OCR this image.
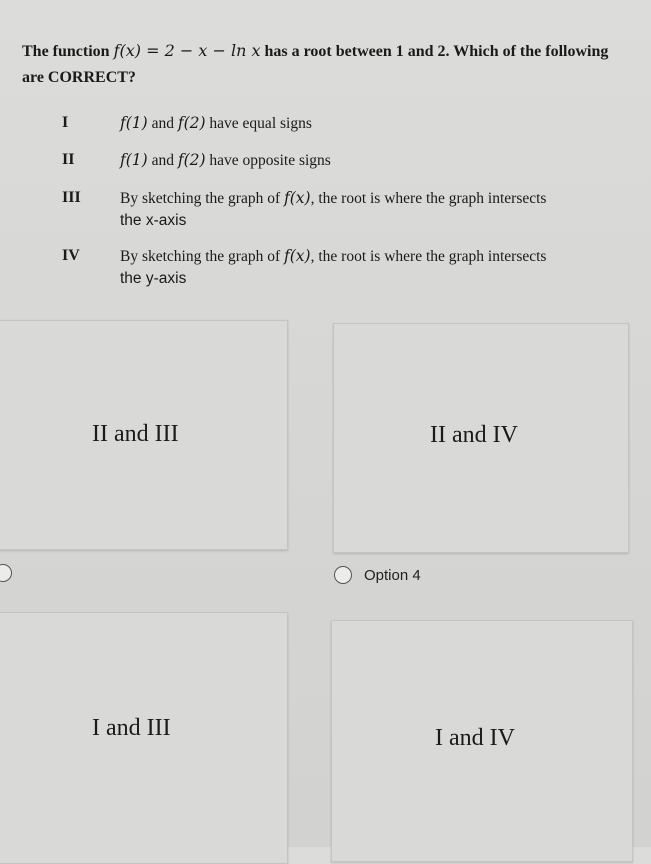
The function f(x) = 2 − x − ln x has a root between 1 and 2. Which of the following are CORRECT?
I	f(1) and f(2) have equal signs
II	f(1) and f(2) have opposite signs
III	By sketching the graph of f(x), the root is where the graph intersects
the x-axis
IV	By sketching the graph of f(x), the root is where the graph intersects
the y-axis
II and III	II and IV
Option 4
I and III	I and IV
